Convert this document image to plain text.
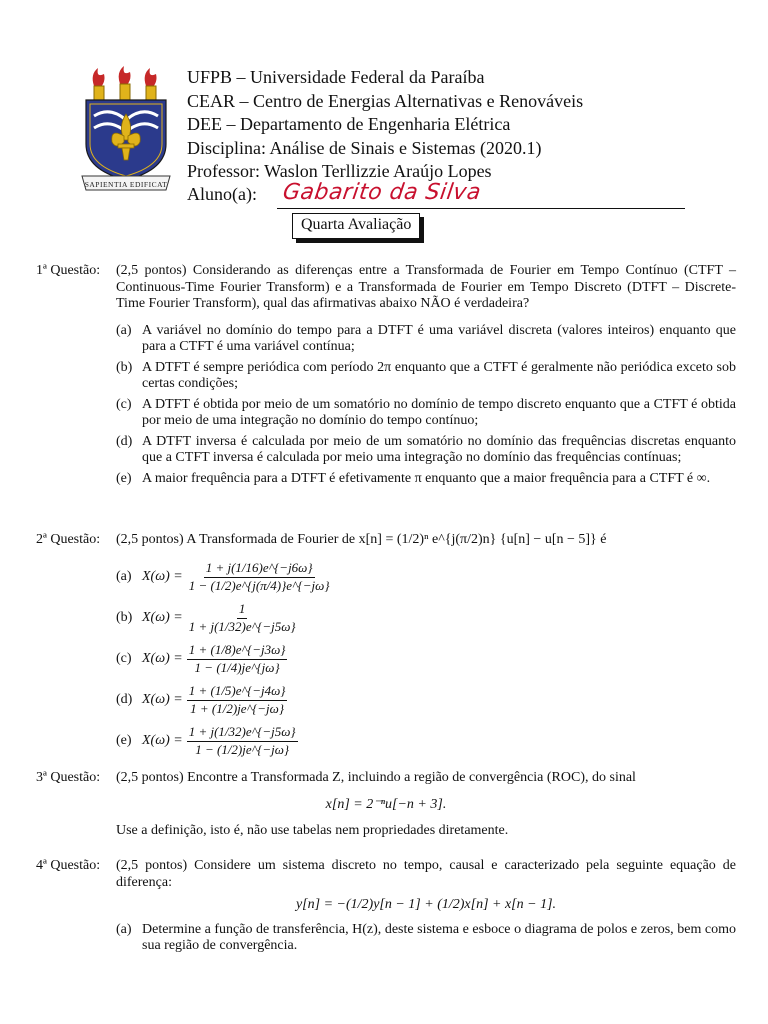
SAPIENTIA EDIFICAT
UFPB – Universidade Federal da Paraíba
CEAR – Centro de Energias Alternativas e Renováveis
DEE – Departamento de Engenharia Elétrica
Disciplina: Análise de Sinais e Sistemas (2020.1)
Professor: Waslon Terllizzie Araújo Lopes
Aluno(a): Gabarito da Silva
Quarta Avaliação
1ª Questão: (2,5 pontos) Considerando as diferenças entre a Transformada de Fourier em Tempo Contínuo (CTFT – Continuous-Time Fourier Transform) e a Transformada de Fourier em Tempo Discreto (DTFT – Discrete-Time Fourier Transform), qual das afirmativas abaixo NÃO é verdadeira?
(a) A variável no domínio do tempo para a DTFT é uma variável discreta (valores inteiros) enquanto que para a CTFT é uma variável contínua;
(b) A DTFT é sempre periódica com período 2π enquanto que a CTFT é geralmente não periódica exceto sob certas condições;
(c) A DTFT é obtida por meio de um somatório no domínio de tempo discreto enquanto que a CTFT é obtida por meio de uma integração no domínio do tempo contínuo;
(d) A DTFT inversa é calculada por meio de um somatório no domínio das frequências discretas enquanto que a CTFT inversa é calculada por meio uma integração no domínio das frequências contínuas;
(e) A maior frequência para a DTFT é efetivamente π enquanto que a maior frequência para a CTFT é ∞.
2ª Questão: (2,5 pontos) A Transformada de Fourier de x[n] = (1/2)ⁿ e^{j(π/2)n} {u[n] − u[n − 5]} é
(a) $X(\omega) = \frac{1 + j(1/16)e\^{}\{-j6\omega\}}{1 - (1/2)e\^{}\{j(\pi/4)\}e\^{}\{-j\omega\}}$
(b) $X(\omega) = \frac{1}{1 + j(1/32)e\^{}\{-j5\omega\}}$
(c) $X(\omega) = \frac{1 + (1/8)e\^{}\{-j3\omega\}}{1 - (1/4)je\^{}\{j\omega\}}$
(d) $X(\omega) = \frac{1 + (1/5)e\^{}\{-j4\omega\}}{1 + (1/2)je\^{}\{-j\omega\}}$
(e) $X(\omega) = \frac{1 + j(1/32)e\^{}\{-j5\omega\}}{1 - (1/2)je\^{}\{-j\omega\}}$
3ª Questão: (2,5 pontos) Encontre a Transformada Z, incluindo a região de convergência (ROC), do sinal
x[n] = 2⁻ⁿu[−n + 3].
Use a definição, isto é, não use tabelas nem propriedades diretamente.
4ª Questão: (2,5 pontos) Considere um sistema discreto no tempo, causal e caracterizado pela seguinte equação de diferença:
y[n] = −(1/2)y[n − 1] + (1/2)x[n] + x[n − 1].
(a) Determine a função de transferência, H(z), deste sistema e esboce o diagrama de polos e zeros, bem como sua região de convergência.
